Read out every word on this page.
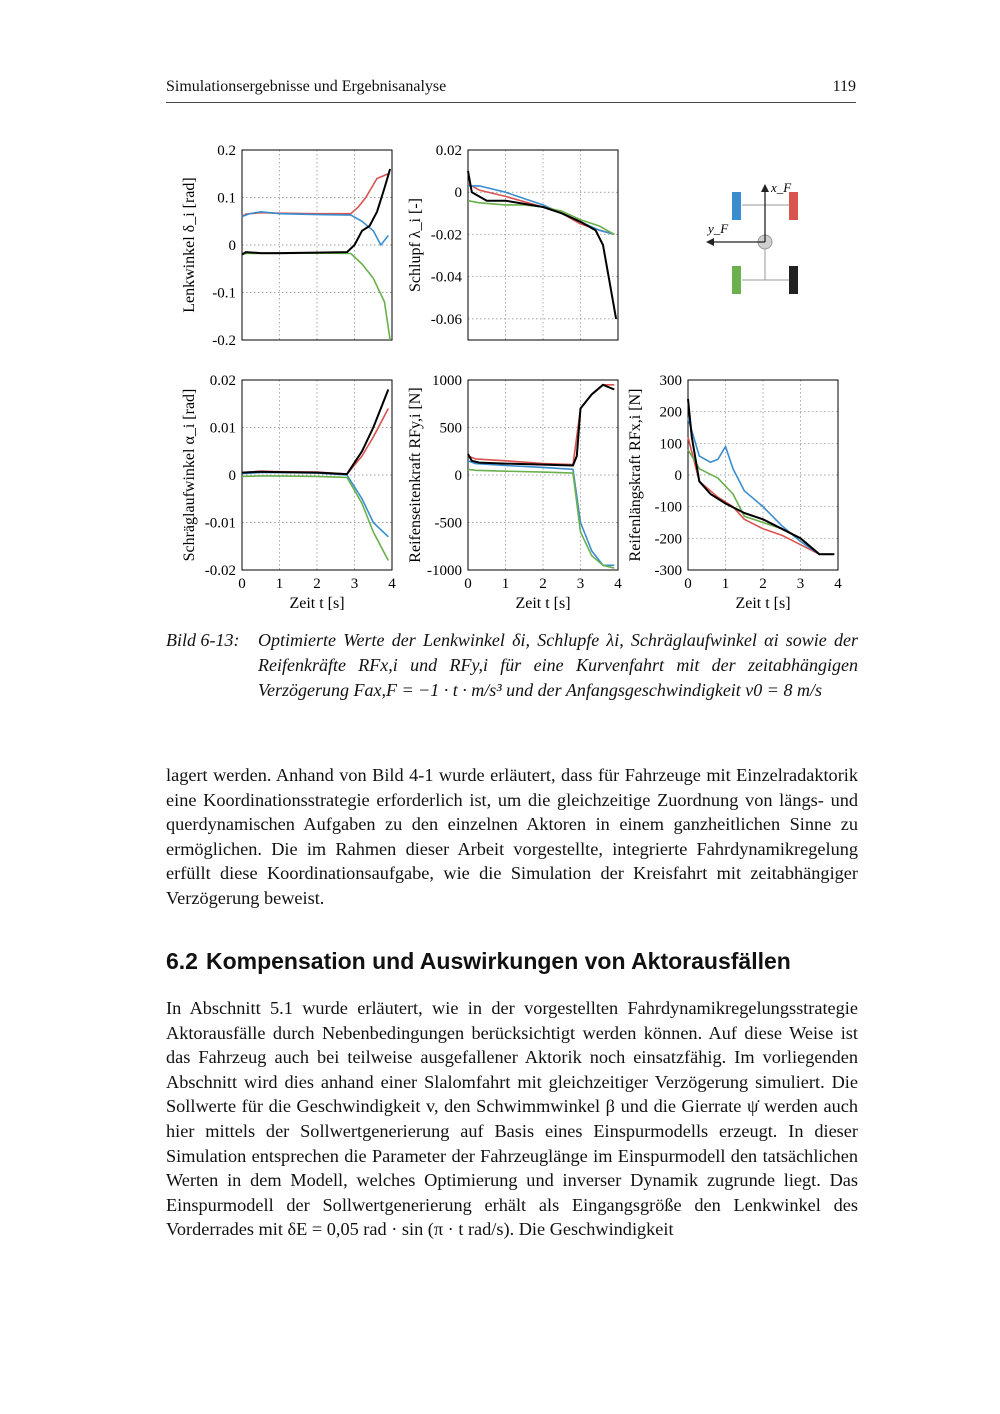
Simulationsergebnisse und Ergebnisanalyse	119
0.2
0.1
0
-0.1
-0.2
Lenkwinkel δ_i [rad]
0.02
0
-0.02
-0.04
-0.06
Schlupf λ_i [-]
0.02
0.01
0
-0.01
-0.02
0 1 2 3 4
Zeit t [s]
Schräglaufwinkel α_i [rad]
1000
500
0
-500
-1000
0 1 2 3 4
Zeit t [s]
Reifenseitenkraft RFy,i [N]
300
200
100
0
-100
-200
-300
0 1 2 3 4
Zeit t [s]
Reifenlängskraft RFx,i [N]
x_F
y_F
Bild 6-13: Optimierte Werte der Lenkwinkel δi, Schlupfe λi, Schräglaufwinkel αi sowie der Reifenkräfte RFx,i und RFy,i für eine Kurvenfahrt mit der zeitabhängigen Verzögerung Fax,F = −1 · t · m/s³ und der Anfangsgeschwindigkeit v0 = 8 m/s
lagert werden. Anhand von Bild 4-1 wurde erläutert, dass für Fahrzeuge mit Einzelradaktorik eine Koordinationsstrategie erforderlich ist, um die gleichzeitige Zuordnung von längs- und querdynamischen Aufgaben zu den einzelnen Aktoren in einem ganzheitlichen Sinne zu ermöglichen. Die im Rahmen dieser Arbeit vorgestellte, integrierte Fahrdynamikregelung erfüllt diese Koordinationsaufgabe, wie die Simulation der Kreisfahrt mit zeitabhängiger Verzögerung beweist.
6.2 Kompensation und Auswirkungen von Aktorausfällen
In Abschnitt 5.1 wurde erläutert, wie in der vorgestellten Fahrdynamikregelungsstrategie Aktorausfälle durch Nebenbedingungen berücksichtigt werden können. Auf diese Weise ist das Fahrzeug auch bei teilweise ausgefallener Aktorik noch einsatzfähig. Im vorliegenden Abschnitt wird dies anhand einer Slalomfahrt mit gleichzeitiger Verzögerung simuliert. Die Sollwerte für die Geschwindigkeit v, den Schwimmwinkel β und die Gierrate ψ̇ werden auch hier mittels der Sollwertgenerierung auf Basis eines Einspurmodells erzeugt. In dieser Simulation entsprechen die Parameter der Fahrzeuglänge im Einspurmodell den tatsächlichen Werten in dem Modell, welches Optimierung und inverser Dynamik zugrunde liegt. Das Einspurmodell der Sollwertgenerierung erhält als Eingangsgröße den Lenkwinkel des Vorderrades mit δE = 0,05 rad · sin (π · t rad/s). Die Geschwindigkeit
